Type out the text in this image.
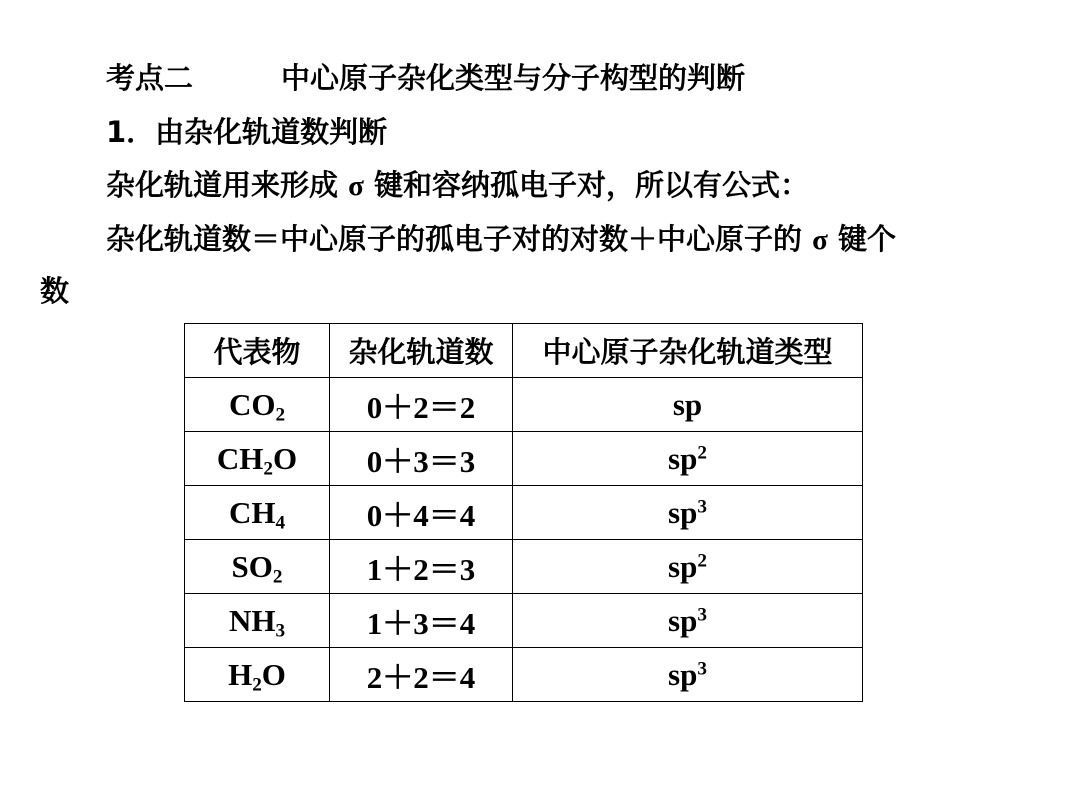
考点二	中心原子杂化类型与分子构型的判断
1．由杂化轨道数判断
杂化轨道用来形成 σ 键和容纳孤电子对，所以有公式：
杂化轨道数＝中心原子的孤电子对的对数＋中心原子的 σ 键个
数
代表物	杂化轨道数	中心原子杂化轨道类型
$CO_2$	0＋2＝2	sp
$CH_2O$	0＋3＝3	$sp^2$
$CH_4$	0＋4＝4	$sp^3$
$SO_2$	1＋2＝3	$sp^2$
$NH_3$	1＋3＝4	$sp^3$
$H_2O$	2＋2＝4	$sp^3$
